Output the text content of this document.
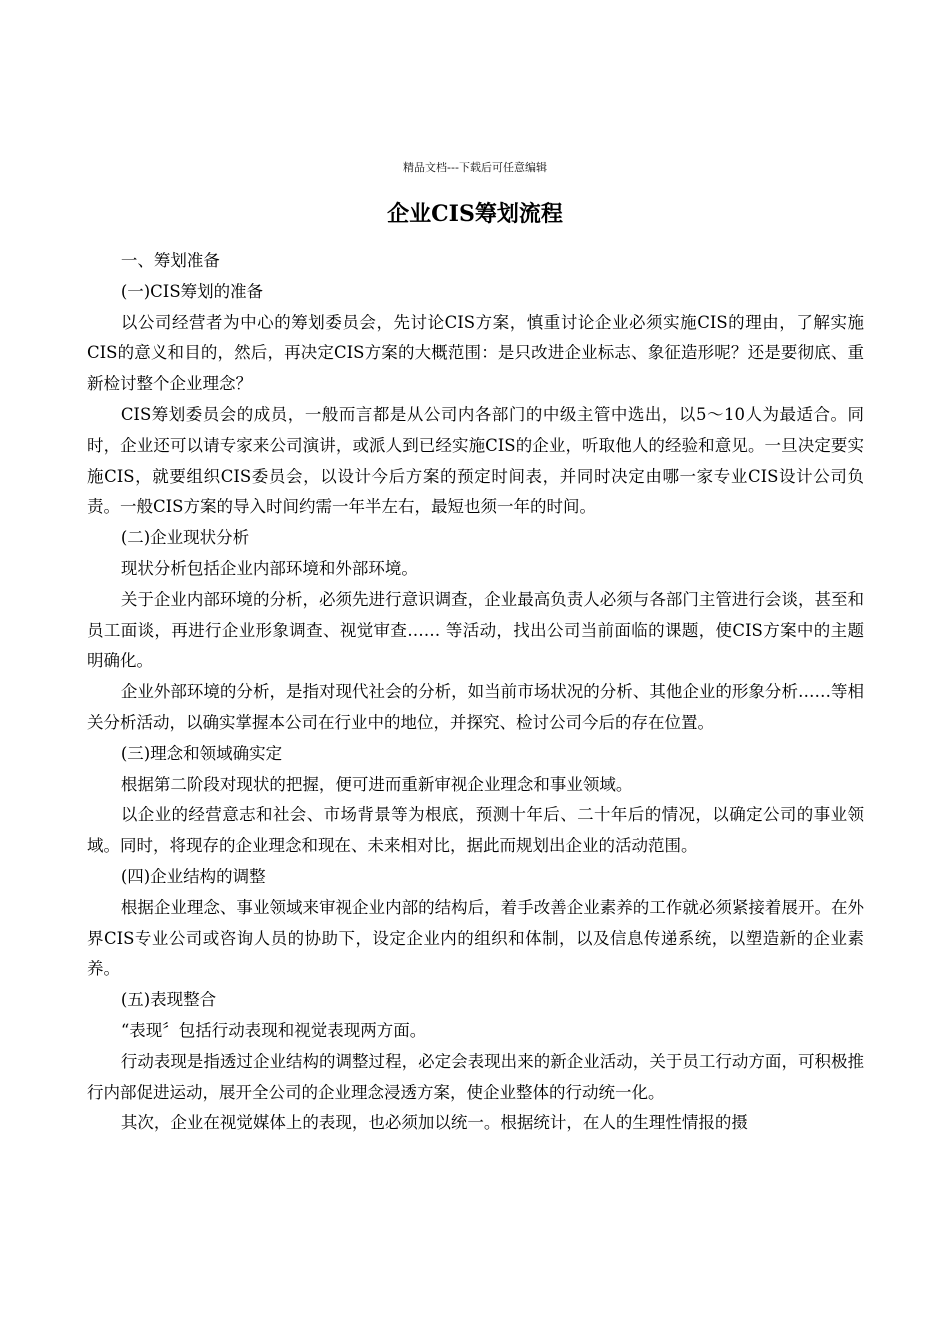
精品文档---下载后可任意编辑
企业CIS筹划流程

一、筹划准备

(一)CIS筹划的准备

以公司经营者为中心的筹划委员会，先讨论CIS方案，慎重讨论企业必须实施CIS的理由，了解实施CIS的意义和目的，然后，再决定CIS方案的大概范围：是只改进企业标志、象征造形呢？还是要彻底、重新检讨整个企业理念？

CIS筹划委员会的成员，一般而言都是从公司内各部门的中级主管中选出，以5～10人为最适合。同时，企业还可以请专家来公司演讲，或派人到已经实施CIS的企业，听取他人的经验和意见。一旦决定要实施CIS，就要组织CIS委员会，以设计今后方案的预定时间表，并同时决定由哪一家专业CIS设计公司负责。一般CIS方案的导入时间约需一年半左右，最短也须一年的时间。

(二)企业现状分析

现状分析包括企业内部环境和外部环境。

关于企业内部环境的分析，必须先进行意识调查，企业最高负责人必须与各部门主管进行会谈，甚至和员工面谈，再进行企业形象调查、视觉审查…… 等活动，找出公司当前面临的课题，使CIS方案中的主题明确化。

企业外部环境的分析，是指对现代社会的分析，如当前市场状况的分析、其他企业的形象分析……等相关分析活动，以确实掌握本公司在行业中的地位，并探究、检讨公司今后的存在位置。

(三)理念和领域确实定

根据第二阶段对现状的把握，便可进而重新审视企业理念和事业领域。

以企业的经营意志和社会、市场背景等为根底，预测十年后、二十年后的情况，以确定公司的事业领域。同时，将现存的企业理念和现在、未来相对比，据此而规划出企业的活动范围。

(四)企业结构的调整

根据企业理念、事业领域来审视企业内部的结构后，着手改善企业素养的工作就必须紧接着展开。在外界CIS专业公司或咨询人员的协助下，设定企业内的组织和体制，以及信息传递系统，以塑造新的企业素养。

(五)表现整合

“表现〞包括行动表现和视觉表现两方面。

行动表现是指透过企业结构的调整过程，必定会表现出来的新企业活动，关于员工行动方面，可积极推行内部促进运动，展开全公司的企业理念浸透方案，使企业整体的行动统一化。

其次，企业在视觉媒体上的表现，也必须加以统一。根据统计，在人的生理性情报的摄
